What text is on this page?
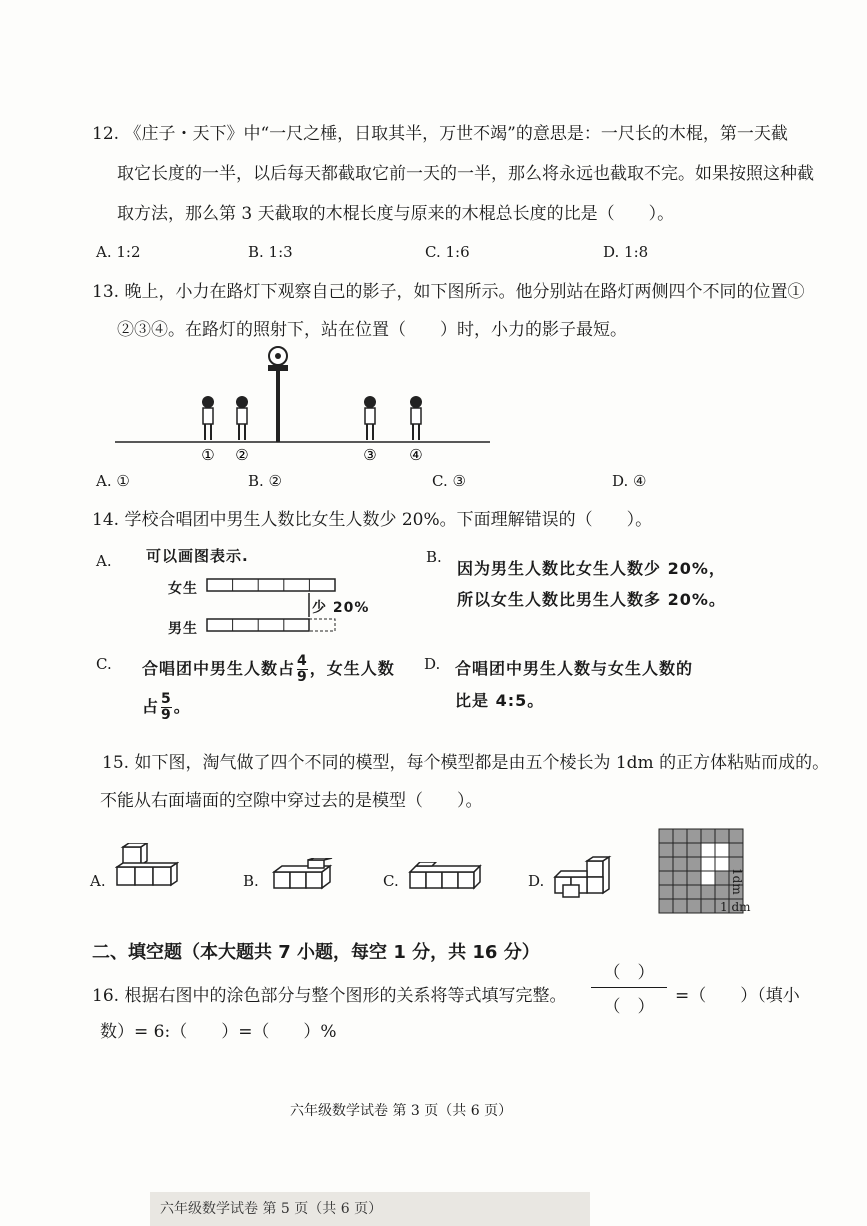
12. 《庄子・天下》中“一尺之棰，日取其半，万世不竭”的意思是：一尺长的木棍，第一天截
取它长度的一半，以后每天都截取它前一天的一半，那么将永远也截取不完。如果按照这种截
取方法，那么第 3 天截取的木棍长度与原来的木棍总长度的比是（　　）。
A. 1:2	B. 1:3	C. 1:6	D. 1:8
13. 晚上，小力在路灯下观察自己的影子，如下图所示。他分别站在路灯两侧四个不同的位置①
②③④。在路灯的照射下，站在位置（　　）时，小力的影子最短。
① ②	③ ④
A. ①	B. ②	C. ③	D. ④
14. 学校合唱团中男生人数比女生人数少 20%。下面理解错误的（　　）。
A. 可以画图表示.
女生
男生
少 20%
B.
因为男生人数比女生人数少 20%，
所以女生人数比男生人数多 20%。
C. 合唱团中男生人数占 $\frac{4}{9}$ ，女生人数
占 $\frac{5}{9}$ 。
D. 合唱团中男生人数与女生人数的
比是 4:5。
15. 如下图，淘气做了四个不同的模型，每个模型都是由五个棱长为 1dm 的正方体粘贴而成的。
不能从右面墙面的空隙中穿过去的是模型（　　）。
A.	B.	C.	D.	1dm
1 dm
二、填空题（本大题共 7 小题，每空 1 分，共 16 分）
16. 根据右图中的涂色部分与整个图形的关系将等式填写完整。
（　）
（　）
=（　　）（填小
数）= 6:（　　）=（　　）%
六年级数学试卷 第 3 页（共 6 页）
六年级数学试卷 第 5 页（共 6 页）
